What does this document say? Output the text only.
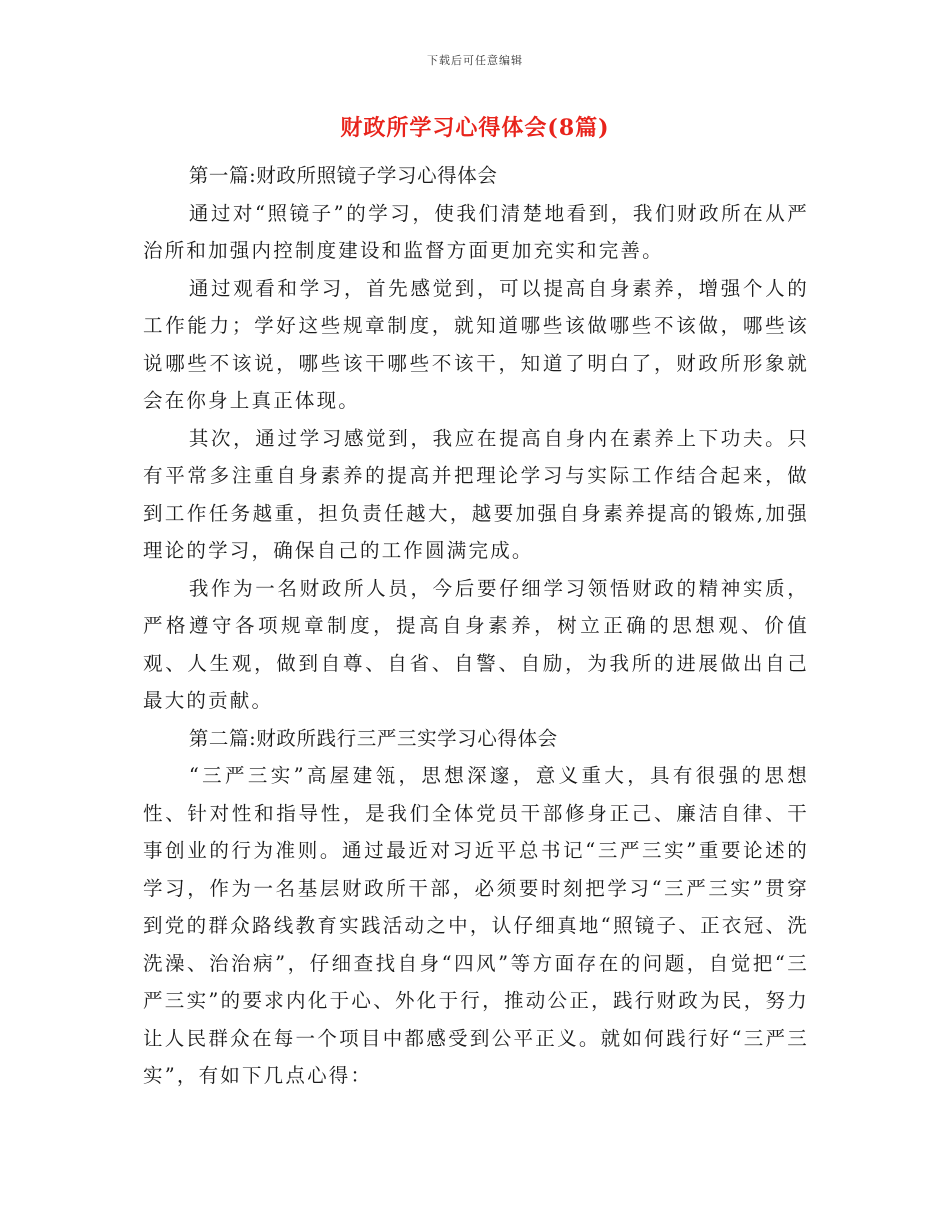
下载后可任意编辑
财政所学习心得体会(8篇)

第一篇:财政所照镜子学习心得体会

通过对“照镜子”的学习，使我们清楚地看到，我们财政所在从严治所和加强内控制度建设和监督方面更加充实和完善。

通过观看和学习，首先感觉到，可以提高自身素养，增强个人的工作能力；学好这些规章制度，就知道哪些该做哪些不该做，哪些该说哪些不该说，哪些该干哪些不该干，知道了明白了，财政所形象就会在你身上真正体现。

其次，通过学习感觉到，我应在提高自身内在素养上下功夫。只有平常多注重自身素养的提高并把理论学习与实际工作结合起来，做到工作任务越重，担负责任越大，越要加强自身素养提高的锻炼,加强理论的学习，确保自己的工作圆满完成。

我作为一名财政所人员，今后要仔细学习领悟财政的精神实质，严格遵守各项规章制度，提高自身素养，树立正确的思想观、价值观、人生观，做到自尊、自省、自警、自励，为我所的进展做出自己最大的贡献。

第二篇:财政所践行三严三实学习心得体会

“三严三实”高屋建瓴，思想深邃，意义重大，具有很强的思想性、针对性和指导性，是我们全体党员干部修身正己、廉洁自律、干事创业的行为准则。通过最近对习近平总书记“三严三实”重要论述的学习，作为一名基层财政所干部，必须要时刻把学习“三严三实”贯穿到党的群众路线教育实践活动之中，认仔细真地“照镜子、正衣冠、洗洗澡、治治病”，仔细查找自身“四风”等方面存在的问题，自觉把“三严三实”的要求内化于心、外化于行，推动公正，践行财政为民，努力让人民群众在每一个项目中都感受到公平正义。就如何践行好“三严三实”，有如下几点心得：
